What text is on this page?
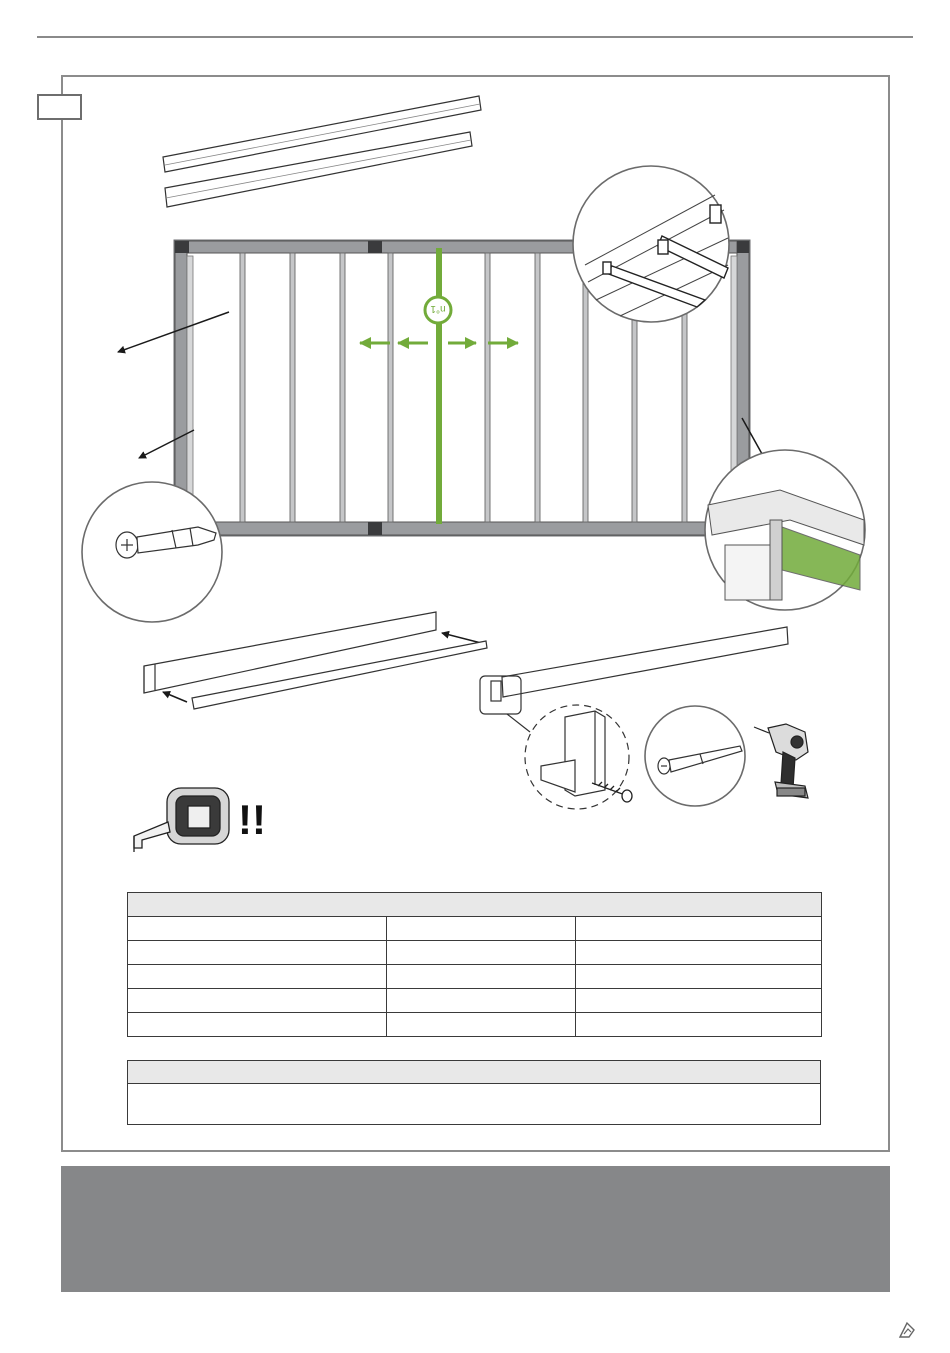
n°1
!!
